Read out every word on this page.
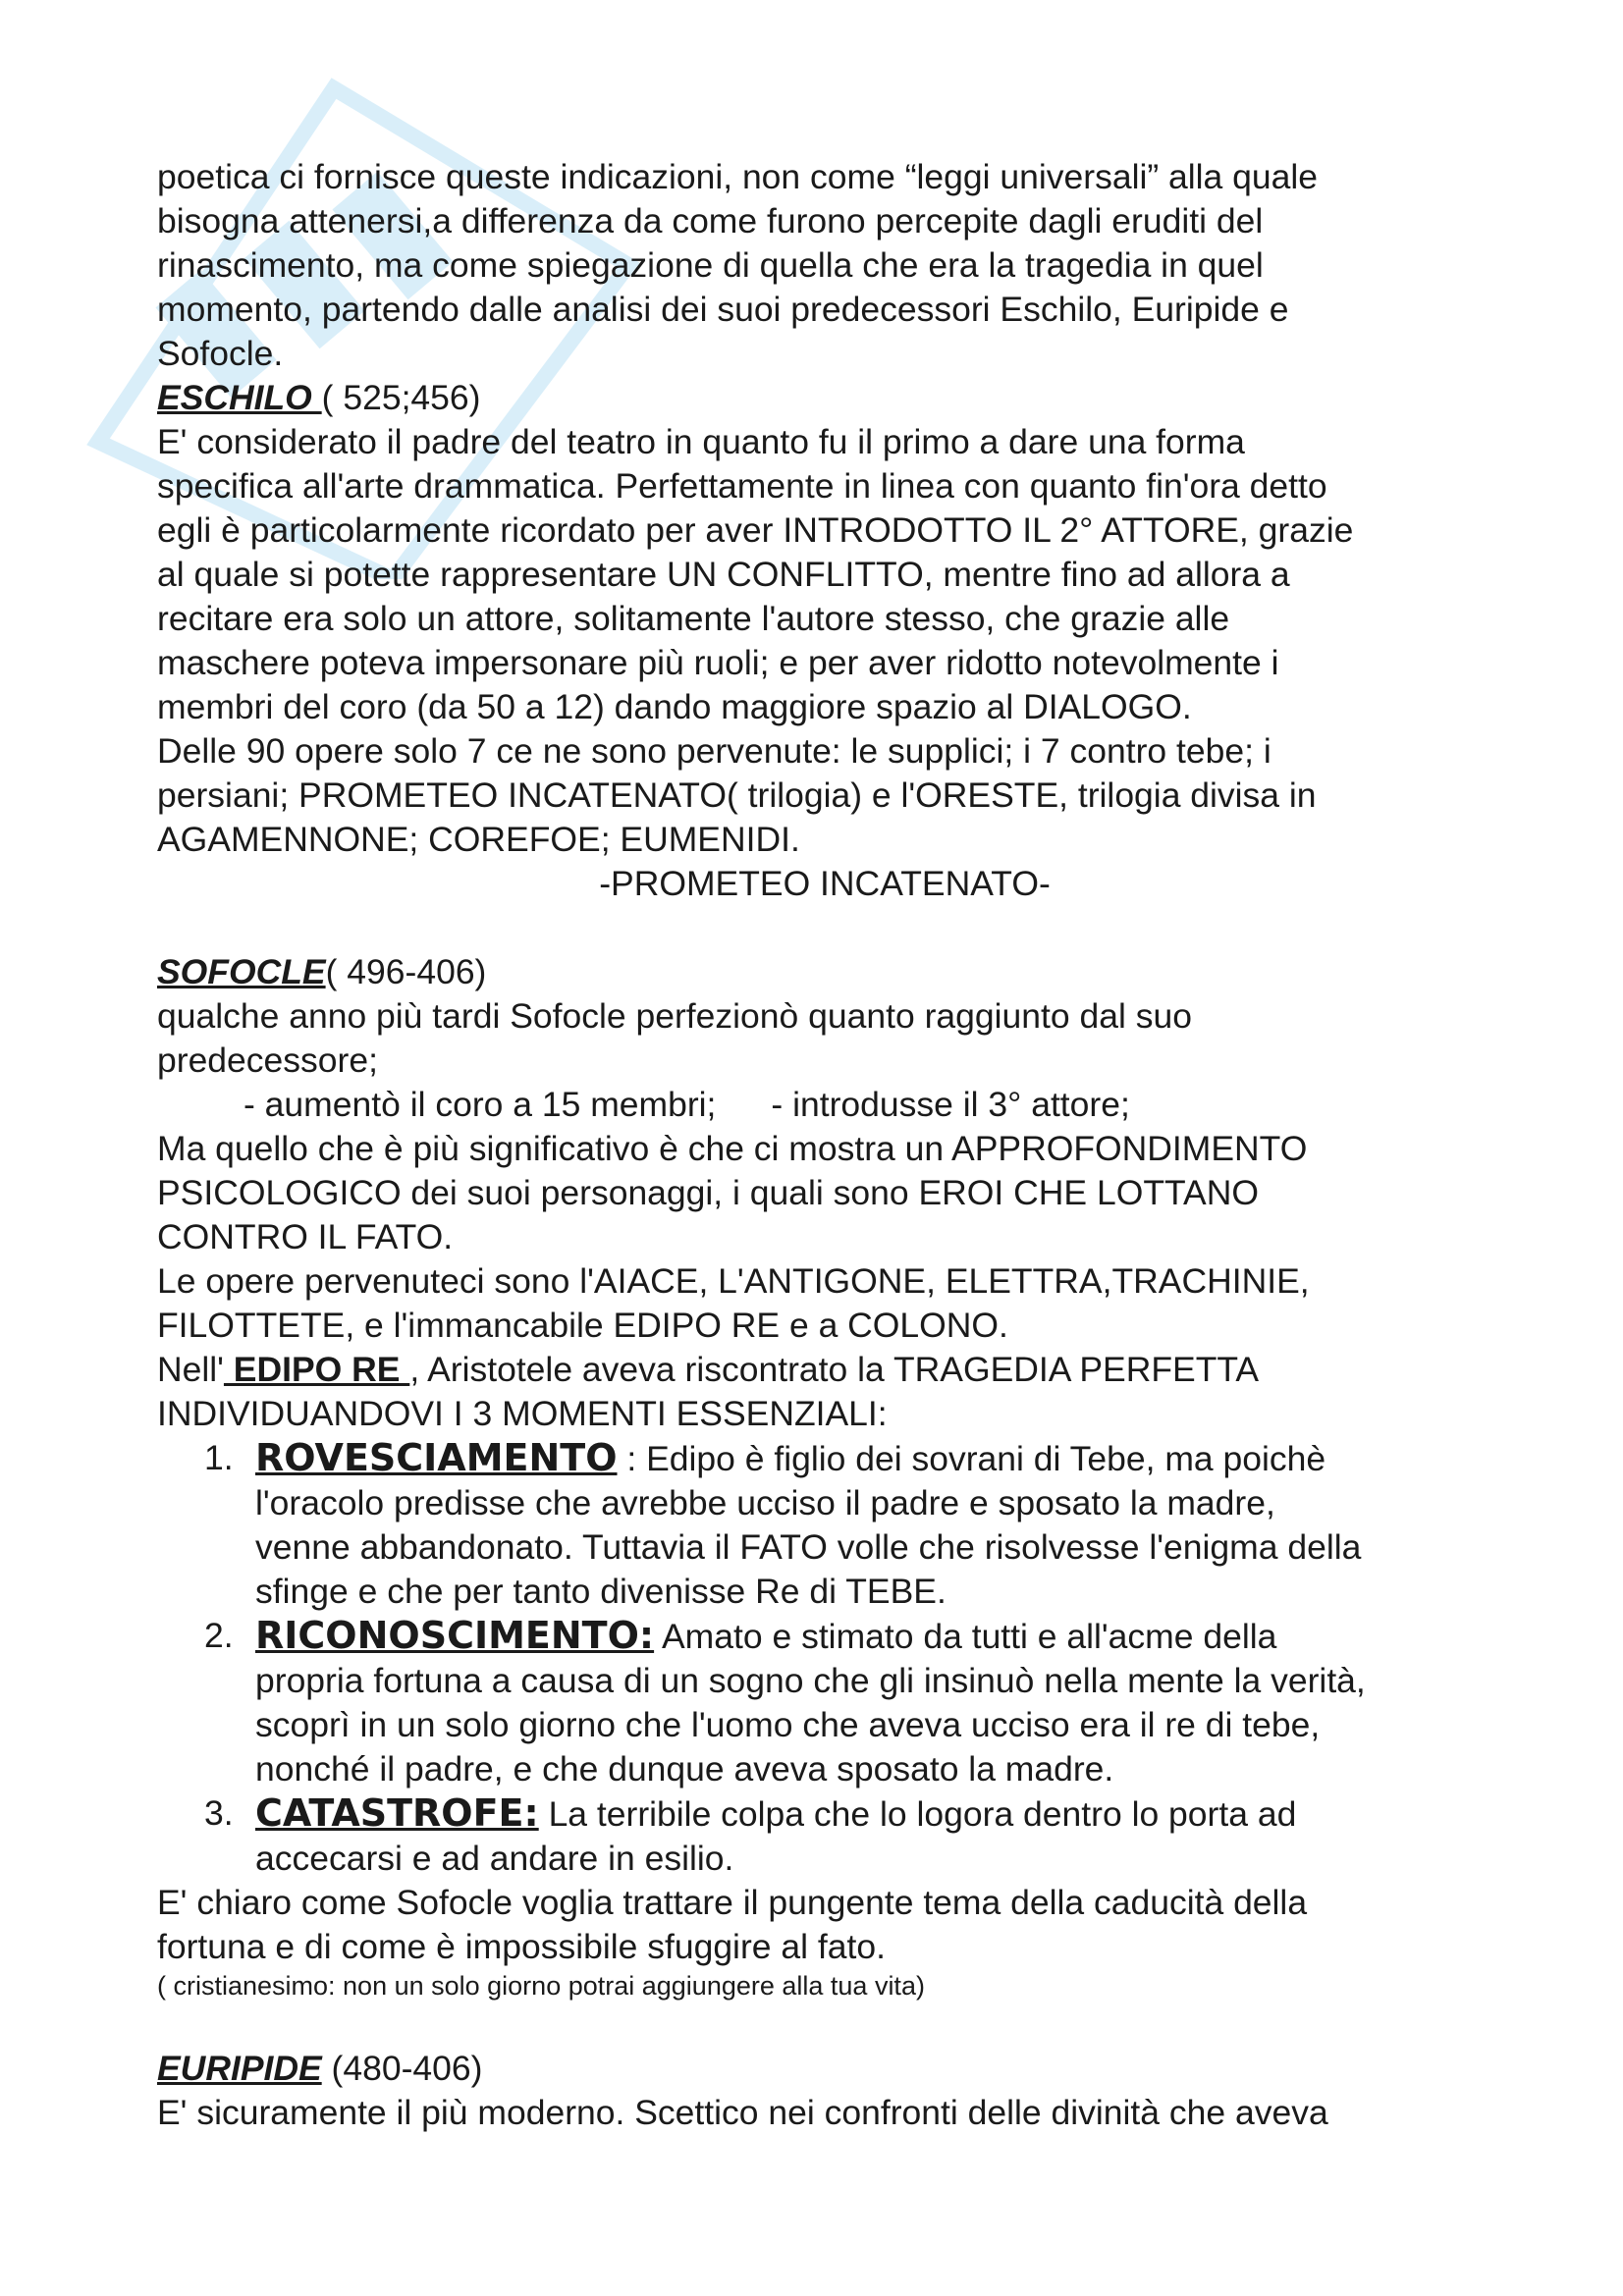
poetica ci fornisce queste indicazioni, non come “leggi universali” alla quale
bisogna attenersi,a differenza da come furono percepite dagli eruditi del
rinascimento, ma come spiegazione di quella che era la tragedia in quel
momento, partendo dalle analisi dei suoi predecessori Eschilo, Euripide e
Sofocle.
ESCHILO ( 525;456)
E' considerato il padre del teatro in quanto fu il primo a dare una forma
specifica all'arte drammatica. Perfettamente in linea con quanto fin'ora detto
egli è particolarmente ricordato per aver INTRODOTTO IL 2° ATTORE, grazie
al quale si potette rappresentare UN CONFLITTO, mentre fino ad allora a
recitare era solo un attore, solitamente l'autore stesso, che grazie alle
maschere poteva impersonare più ruoli; e per aver ridotto notevolmente i
membri del coro (da 50 a 12) dando maggiore spazio al DIALOGO.
Delle 90 opere solo 7 ce ne sono pervenute: le supplici; i 7 contro tebe; i
persiani; PROMETEO INCATENATO( trilogia) e l'ORESTE, trilogia divisa in
AGAMENNONE; COREFOE; EUMENIDI.
-PROMETEO INCATENATO-
SOFOCLE( 496-406)
qualche anno più tardi Sofocle perfezionò quanto raggiunto dal suo
predecessore;
- aumentò il coro a 15 membri; - introdusse il 3° attore;
Ma quello che è più significativo è che ci mostra un APPROFONDIMENTO
PSICOLOGICO dei suoi personaggi, i quali sono EROI CHE LOTTANO
CONTRO IL FATO.
Le opere pervenuteci sono l'AIACE, L'ANTIGONE, ELETTRA,TRACHINIE,
FILOTTETE, e l'immancabile EDIPO RE e a COLONO.
Nell' EDIPO RE , Aristotele aveva riscontrato la TRAGEDIA PERFETTA
INDIVIDUANDOVI I 3 MOMENTI ESSENZIALI:
1. ROVESCIAMENTO : Edipo è figlio dei sovrani di Tebe, ma poichè
l'oracolo predisse che avrebbe ucciso il padre e sposato la madre,
venne abbandonato. Tuttavia il FATO volle che risolvesse l'enigma della
sfinge e che per tanto divenisse Re di TEBE.
2. RICONOSCIMENTO: Amato e stimato da tutti e all'acme della
propria fortuna a causa di un sogno che gli insinuò nella mente la verità,
scoprì in un solo giorno che l'uomo che aveva ucciso era il re di tebe,
nonché il padre, e che dunque aveva sposato la madre.
3. CATASTROFE: La terribile colpa che lo logora dentro lo porta ad
accecarsi e ad andare in esilio.
E' chiaro come Sofocle voglia trattare il pungente tema della caducità della
fortuna e di come è impossibile sfuggire al fato.
( cristianesimo: non un solo giorno potrai aggiungere alla tua vita)
EURIPIDE (480-406)
E' sicuramente il più moderno. Scettico nei confronti delle divinità che aveva
